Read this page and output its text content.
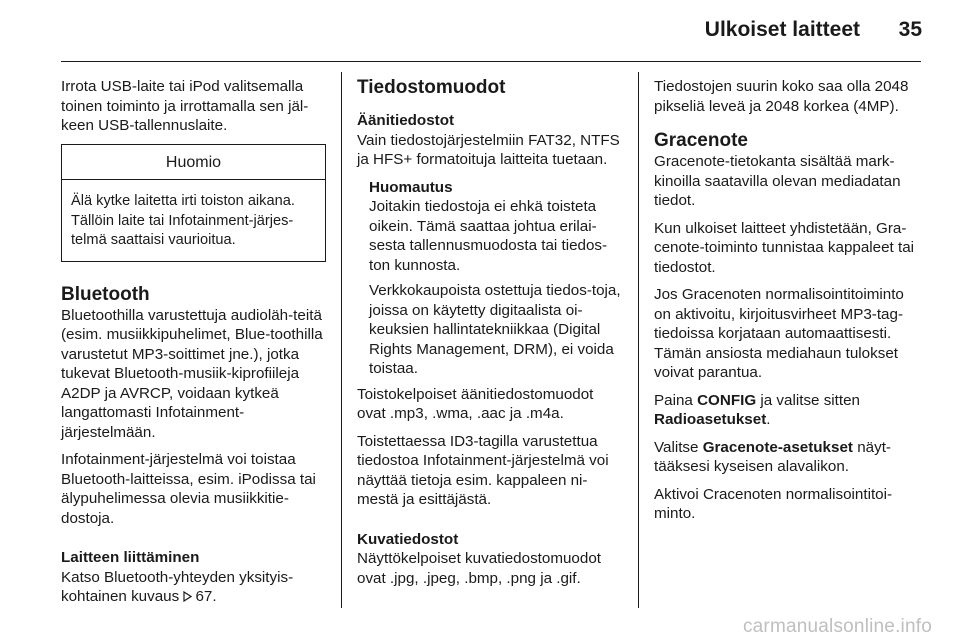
Ulkoiset laitteet 35

Irrota USB-laite tai iPod valitsemalla toinen toiminto ja irrottamalla sen jäl-keen USB-tallennuslaite.

Huomio
Älä kytke laitetta irti toiston aikana. Tällöin laite tai Infotainment-järjes-telmä saattaisi vaurioitua.
Bluetooth

Bluetoothilla varustettuja audioläh-teitä (esim. musiikkipuhelimet, Blue-toothilla varustetut MP3-soittimet jne.), jotka tukevat Bluetooth-musiik-kiprofiileja A2DP ja AVRCP, voidaan kytkeä langattomasti Infotainment-järjestelmään.

Infotainment-järjestelmä voi toistaa Bluetooth-laitteissa, esim. iPodissa tai älypuhelimessa olevia musiikkitie-dostoja.

Laitteen liittäminen

Katso Bluetooth-yhteyden yksityis-kohtainen kuvaus 67.

Tiedostomuodot
Äänitiedostot

Vain tiedostojärjestelmiin FAT32, NTFS ja HFS+ formatoituja laitteita tuetaan.

Huomautus

Joitakin tiedostoja ei ehkä toisteta oikein. Tämä saattaa johtua erilai-sesta tallennusmuodosta tai tiedos-ton kunnosta.

Verkkokaupoista ostettuja tiedos-toja, joissa on käytetty digitaalista oi-keuksien hallintatekniikkaa (Digital Rights Management, DRM), ei voida toistaa.

Toistokelpoiset äänitiedostomuodot ovat .mp3, .wma, .aac ja .m4a.

Toistettaessa ID3-tagilla varustettua tiedostoa Infotainment-järjestelmä voi näyttää tietoja esim. kappaleen ni-mestä ja esittäjästä.

Kuvatiedostot

Näyttökelpoiset kuvatiedostomuodot ovat .jpg, .jpeg, .bmp, .png ja .gif.

Tiedostojen suurin koko saa olla 2048 pikseliä leveä ja 2048 korkea (4MP).

Gracenote

Gracenote-tietokanta sisältää mark-kinoilla saatavilla olevan mediadatan tiedot.

Kun ulkoiset laitteet yhdistetään, Gra-cenote-toiminto tunnistaa kappaleet tai tiedostot.

Jos Gracenoten normalisointitoiminto on aktivoitu, kirjoitusvirheet MP3-tag-tiedoissa korjataan automaattisesti. Tämän ansiosta mediahaun tulokset voivat parantua.

Paina CONFIG ja valitse sitten Radioasetukset.

Valitse Gracenote-asetukset näyt-tääksesi kyseisen alavalikon.

Aktivoi Cracenoten normalisointitoi-minto.

carmanualsonline.info
